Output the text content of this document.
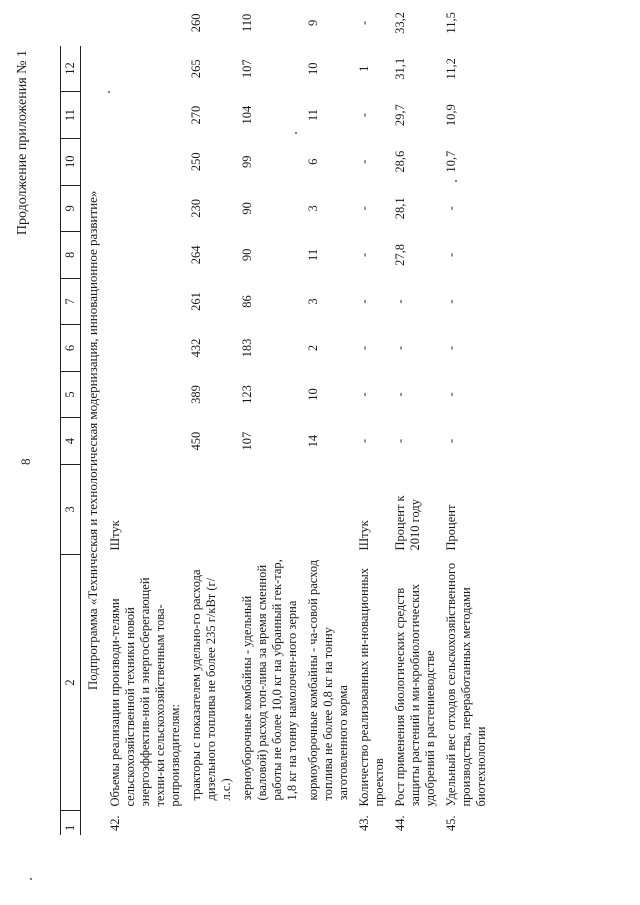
Продолжение приложения № 1
8
1	2	3	4	5	6	7	8	9	10	11	12	
Подпрограмма «Техническая и технологическая модернизация, инновационное развитие»												
42.	Объемы реализации производи-телями сельскохозяйственной техники новой энергоэффектив-ной и энергосберегающей техни-ки сельскохозяйственным това-ропроизводителям:	Штук										
	тракторы с показателем удельно-го расхода дизельного топлива не более 235 г/кВт (г/л.с.)		450	389	432	261	264	230	250	270	265	260
	зерноуборочные комбайны - удельный (валовой) расход топ-лива за время сменной работы не более 10,0 кг на убранный гек-тар, 1,8 кг на тонну намолочен-ного зерна		107	123	183	86	90	90	99	104	107	110
	кормоуборочные комбайны - ча-совой расход топлива не более 0,8 кг на тонну заготовленного корма		14	10	2	3	11	3	6	11	10	9
43.	Количество реализованных ин-новационных проектов	Штук	-	-	-	-	-	-	-	-	1	-
44.	Рост применения биологических средств защиты растений и ми-кробиологических удобрений в растениеводстве	Процент к 2010 году	-	-	-	-	27,8	28,1	28,6	29,7	31,1	33,2
45.	Удельный вес отходов сельскохозяйственного производства, переработанных методами биотехнологии	Процент	-	-	-	-	-	-	10,7	10,9	11,2	11,5
